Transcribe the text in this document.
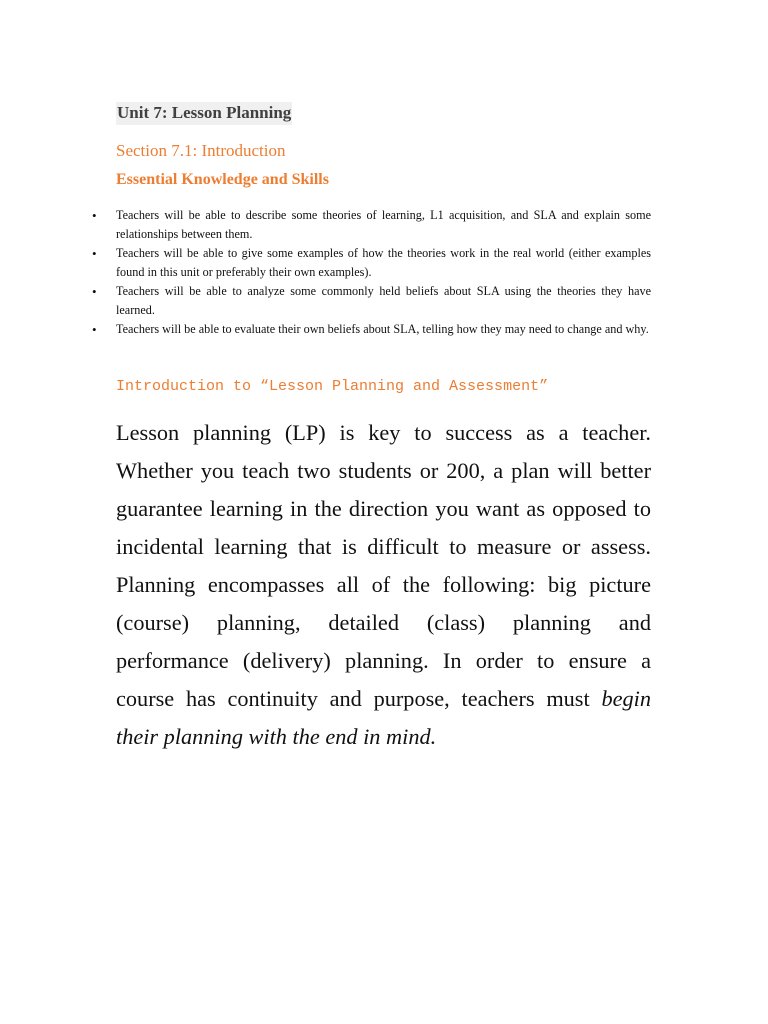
Unit 7: Lesson Planning
Section 7.1: Introduction
Essential Knowledge and Skills
• Teachers will be able to describe some theories of learning, L1 acquisition, and SLA and explain some relationships between them.
• Teachers will be able to give some examples of how the theories work in the real world (either examples found in this unit or preferably their own examples).
• Teachers will be able to analyze some commonly held beliefs about SLA using the theories they have learned.
• Teachers will be able to evaluate their own beliefs about SLA, telling how they may need to change and why.
Introduction to “Lesson Planning and Assessment”

Lesson planning (LP) is key to success as a teacher. Whether you teach two students or 200, a plan will better guarantee learning in the direction you want as opposed to incidental learning that is difficult to measure or assess. Planning encompasses all of the following: big picture (course) planning, detailed (class) planning and performance (delivery) planning. In order to ensure a course has continuity and purpose, teachers must begin their planning with the end in mind.
